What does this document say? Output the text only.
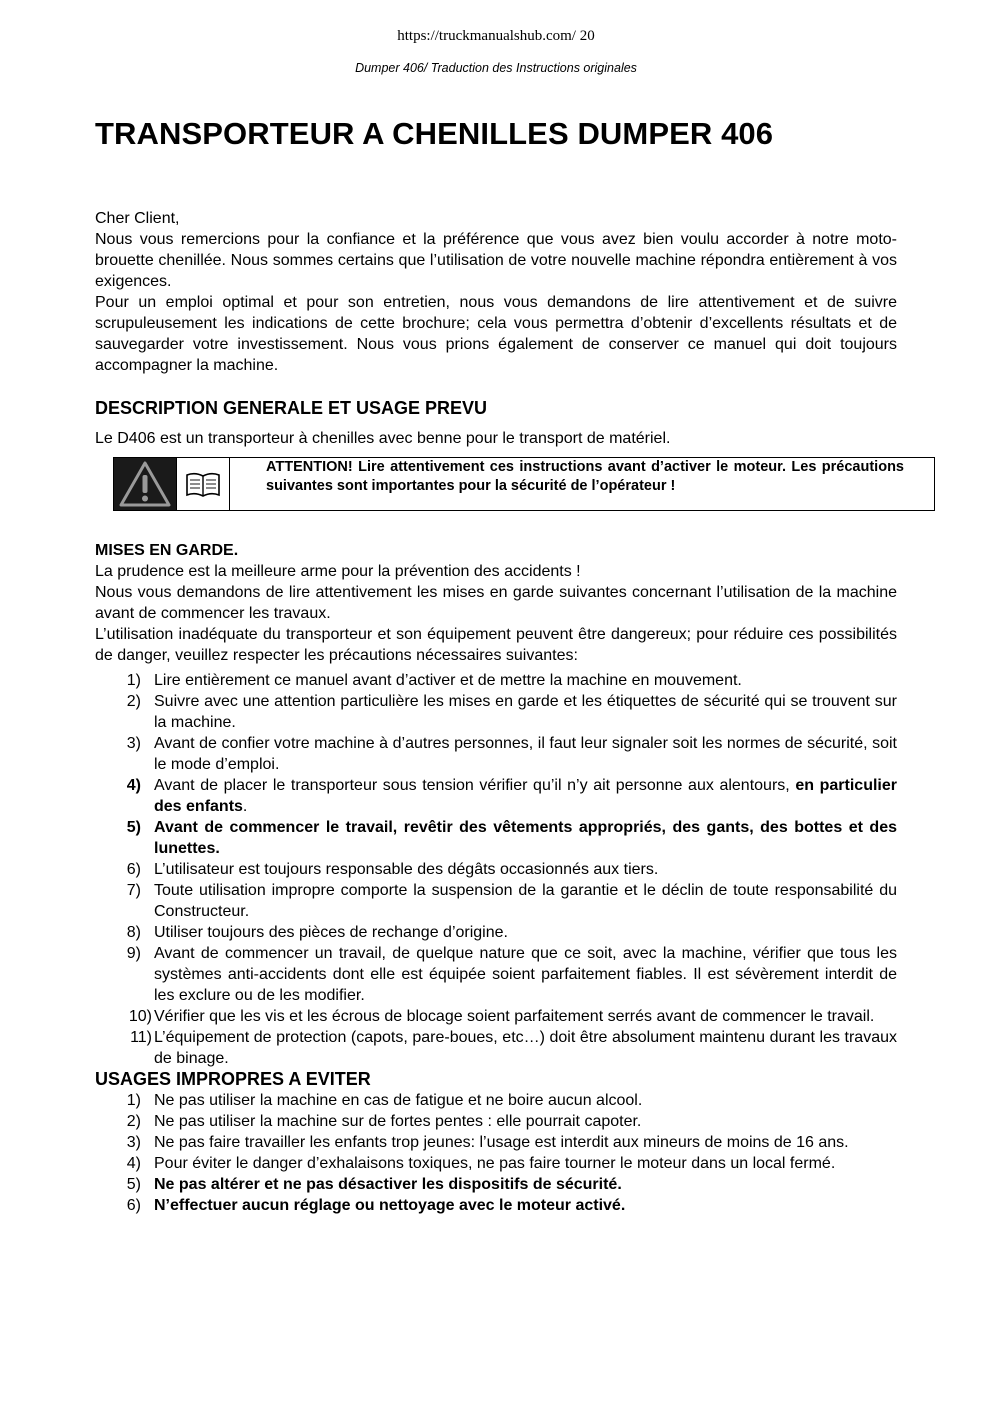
https://truckmanualshub.com/ 20
Dumper 406/ Traduction des Instructions originales
TRANSPORTEUR A CHENILLES DUMPER 406

Cher Client,

Nous vous remercions pour la confiance et la préférence que vous avez bien voulu accorder à notre moto-brouette chenillée. Nous sommes certains que l’utilisation de votre nouvelle machine répondra entièrement à vos exigences.

Pour un emploi optimal et pour son entretien, nous vous demandons de lire attentivement et de suivre scrupuleusement les indications de cette brochure; cela vous permettra d’obtenir d’excellents résultats et de sauvegarder votre investissement. Nous vous prions également de conserver ce manuel qui doit toujours accompagner la machine.

DESCRIPTION GENERALE ET USAGE PREVU

Le D406 est un transporteur à chenilles avec benne pour le transport de matériel.

ATTENTION! Lire attentivement ces instructions avant d’activer le moteur. Les précautions suivantes sont importantes pour la sécurité de l’opérateur !
MISES EN GARDE.

La prudence est la meilleure arme pour la prévention des accidents !

Nous vous demandons de lire attentivement les mises en garde suivantes concernant l’utilisation de la machine avant de commencer les travaux.

L’utilisation inadéquate du transporteur et son équipement peuvent être dangereux; pour réduire ces possibilités de danger, veuillez respecter les précautions nécessaires suivantes:

1) Lire entièrement ce manuel avant d’activer et de mettre la machine en mouvement.
2) Suivre avec une attention particulière les mises en garde et les étiquettes de sécurité qui se trouvent sur la machine.
3) Avant de confier votre machine à d’autres personnes, il faut leur signaler soit les normes de sécurité, soit le mode d’emploi.
4) Avant de placer le transporteur sous tension vérifier qu’il n’y ait personne aux alentours, en particulier des enfants.
5) Avant de commencer le travail, revêtir des vêtements appropriés, des gants, des bottes et des lunettes.
6) L’utilisateur est toujours responsable des dégâts occasionnés aux tiers.
7) Toute utilisation impropre comporte la suspension de la garantie et le déclin de toute responsabilité du Constructeur.
8) Utiliser toujours des pièces de rechange d’origine.
9) Avant de commencer un travail, de quelque nature que ce soit, avec la machine, vérifier que tous les systèmes anti-accidents dont elle est équipée soient parfaitement fiables. Il est sévèrement interdit de les exclure ou de les modifier.
10) Vérifier que les vis et les écrous de blocage soient parfaitement serrés avant de commencer le travail.
11) L’équipement de protection (capots, pare-boues, etc…) doit être absolument maintenu durant les travaux de binage.
USAGES IMPROPRES A EVITER
1) Ne pas utiliser la machine en cas de fatigue et ne boire aucun alcool.
2) Ne pas utiliser la machine sur de fortes pentes : elle pourrait capoter.
3) Ne pas faire travailler les enfants trop jeunes: l’usage est interdit aux mineurs de moins de 16 ans.
4) Pour éviter le danger d’exhalaisons toxiques, ne pas faire tourner le moteur dans un local fermé.
5) Ne pas altérer et ne pas désactiver les dispositifs de sécurité.
6) N’effectuer aucun réglage ou nettoyage avec le moteur activé.
